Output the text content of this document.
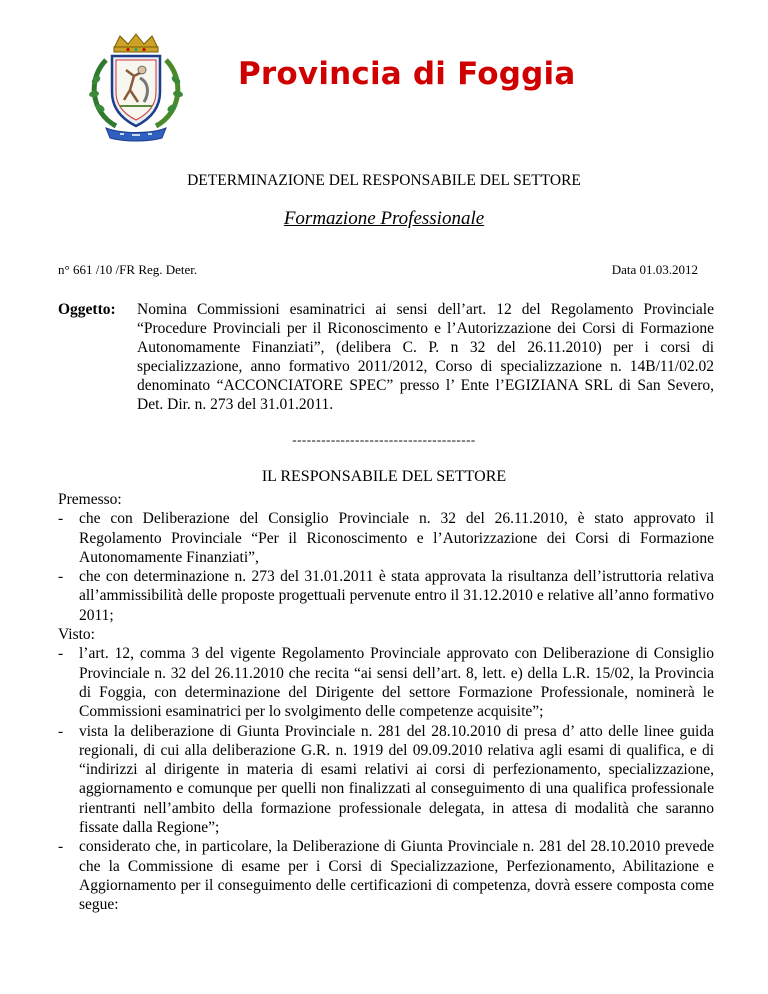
Provincia di Foggia
DETERMINAZIONE DEL RESPONSABILE DEL SETTORE
Formazione Professionale
n° 661 /10 /FR Reg. Deter.	Data 01.03.2012
Oggetto: Nomina Commissioni esaminatrici ai sensi dell’art. 12 del Regolamento Provinciale “Procedure Provinciali per il Riconoscimento e l’Autorizzazione dei Corsi di Formazione Autonomamente Finanziati”, (delibera C. P. n 32 del 26.11.2010) per i corsi di specializzazione, anno formativo 2011/2012, Corso di specializzazione n. 14B/11/02.02 denominato “ACCONCIATORE SPEC” presso l’ Ente l’EGIZIANA SRL di San Severo, Det. Dir. n. 273 del 31.01.2011.
--------------------------------------
IL RESPONSABILE DEL SETTORE

Premesso:

- che con Deliberazione del Consiglio Provinciale n. 32 del 26.11.2010, è stato approvato il Regolamento Provinciale “Per il Riconoscimento e l’Autorizzazione dei Corsi di Formazione Autonomamente Finanziati”,
- che con determinazione n. 273 del 31.01.2011 è stata approvata la risultanza dell’istruttoria relativa all’ammissibilità delle proposte progettuali pervenute entro il 31.12.2010 e relative all’anno formativo 2011;

Visto:

- l’art. 12, comma 3 del vigente Regolamento Provinciale approvato con Deliberazione di Consiglio Provinciale n. 32 del 26.11.2010 che recita “ai sensi dell’art. 8, lett. e) della L.R. 15/02, la Provincia di Foggia, con determinazione del Dirigente del settore Formazione Professionale, nominerà le Commissioni esaminatrici per lo svolgimento delle competenze acquisite”;
- vista la deliberazione di Giunta Provinciale n. 281 del 28.10.2010 di presa d’ atto delle linee guida regionali, di cui alla deliberazione G.R. n. 1919 del 09.09.2010 relativa agli esami di qualifica, e di “indirizzi al dirigente in materia di esami relativi ai corsi di perfezionamento, specializzazione, aggiornamento e comunque per quelli non finalizzati al conseguimento di una qualifica professionale rientranti nell’ambito della formazione professionale delegata, in attesa di modalità che saranno fissate dalla Regione”;
- considerato che, in particolare, la Deliberazione di Giunta Provinciale n. 281 del 28.10.2010 prevede che la Commissione di esame per i Corsi di Specializzazione, Perfezionamento, Abilitazione e Aggiornamento per il conseguimento delle certificazioni di competenza, dovrà essere composta come segue:
